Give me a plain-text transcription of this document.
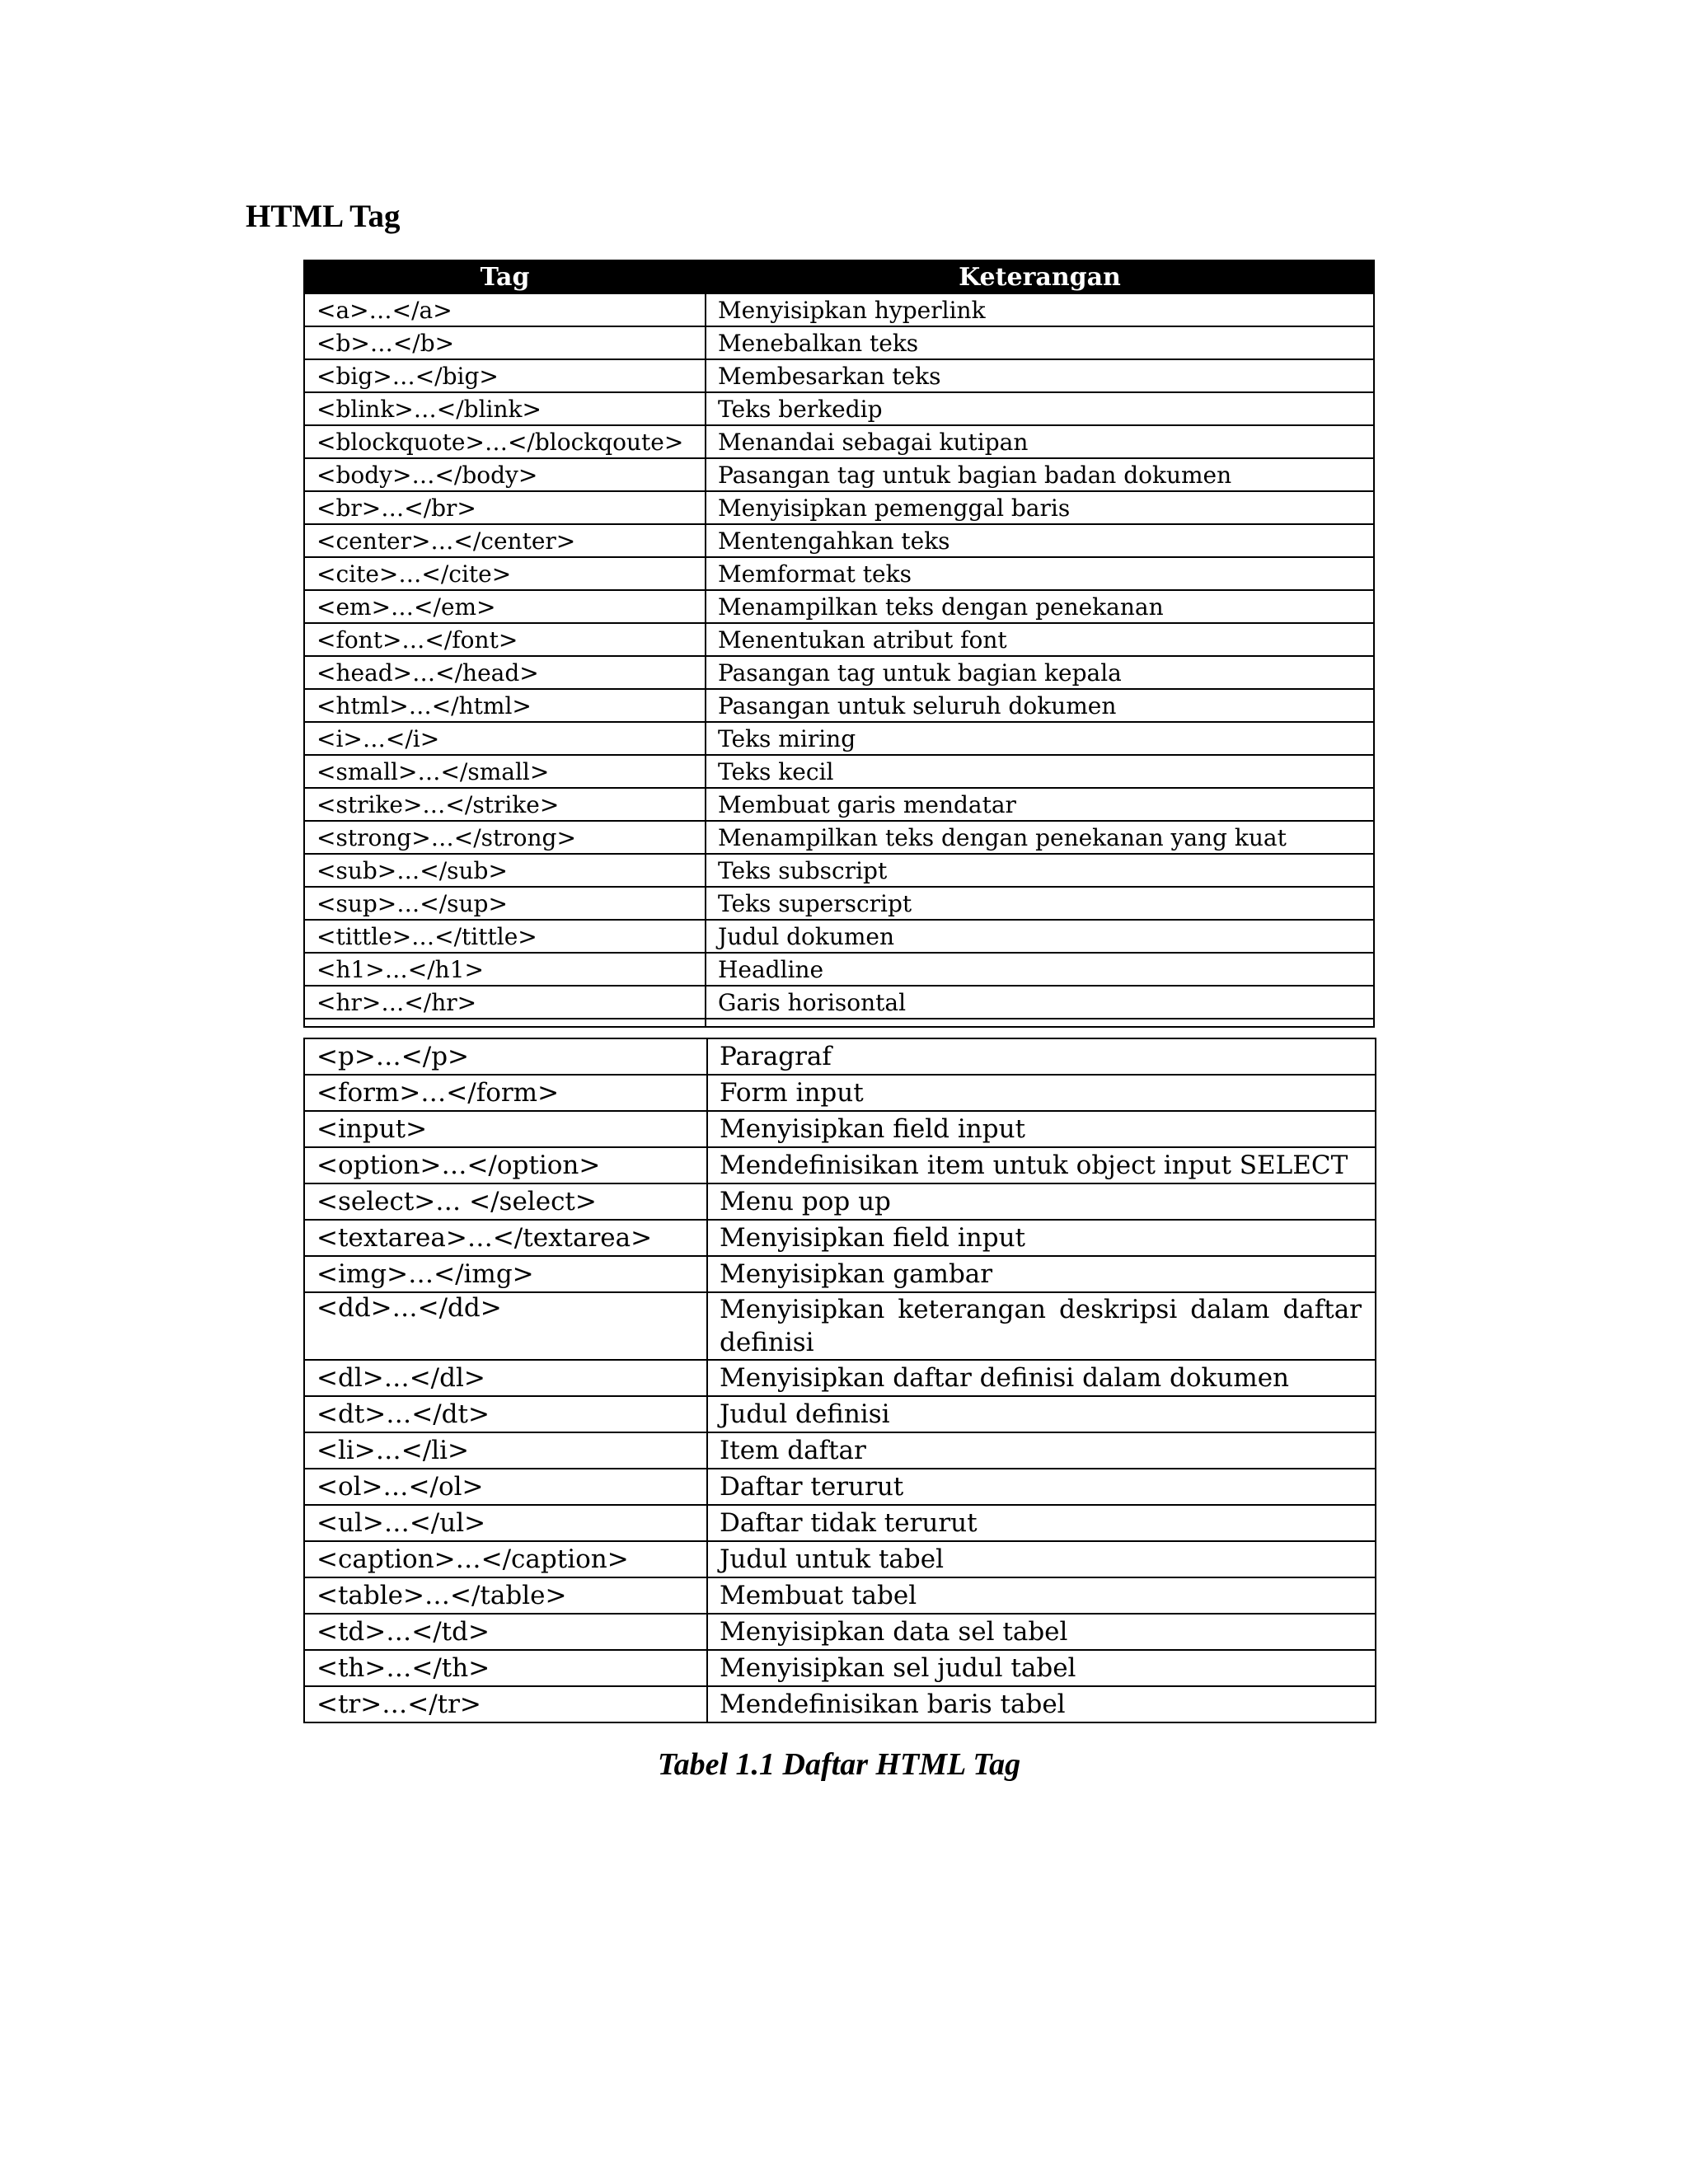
HTML Tag
Tag	Keterangan
<a>…</a>	Menyisipkan hyperlink
<b>…</b>	Menebalkan teks
<big>…</big>	Membesarkan teks
<blink>…</blink>	Teks berkedip
<blockquote>…</blockqoute>	Menandai sebagai kutipan
<body>…</body>	Pasangan tag untuk bagian badan dokumen
<br>…</br>	Menyisipkan pemenggal baris
<center>…</center>	Mentengahkan teks
<cite>…</cite>	Memformat teks
<em>…</em>	Menampilkan teks dengan penekanan
<font>…</font>	Menentukan atribut font
<head>…</head>	Pasangan tag untuk bagian kepala
<html>…</html>	Pasangan untuk seluruh dokumen
<i>…</i>	Teks miring
<small>…</small>	Teks kecil
<strike>…</strike>	Membuat garis mendatar
<strong>…</strong>	Menampilkan teks dengan penekanan yang kuat
<sub>…</sub>	Teks subscript
<sup>…</sup>	Teks superscript
<tittle>…</tittle>	Judul dokumen
<h1>…</h1>	Headline
<hr>…</hr>	Garis horisontal

<p>…</p>	Paragraf
<form>…</form>	Form input
<input>	Menyisipkan field input
<option>…</option>	Mendefinisikan item untuk object input SELECT
<select>… </select>	Menu pop up
<textarea>…</textarea>	Menyisipkan field input
<img>…</img>	Menyisipkan gambar
<dd>…</dd>	Menyisipkan keterangan deskripsi dalam daftar definisi
<dl>…</dl>	Menyisipkan daftar definisi dalam dokumen
<dt>…</dt>	Judul definisi
<li>…</li>	Item daftar
<ol>…</ol>	Daftar terurut
<ul>…</ul>	Daftar tidak terurut
<caption>…</caption>	Judul untuk tabel
<table>…</table>	Membuat tabel
<td>…</td>	Menyisipkan data sel tabel
<th>…</th>	Menyisipkan sel judul tabel
<tr>…</tr>	Mendefinisikan baris tabel

Tabel 1.1 Daftar HTML Tag
